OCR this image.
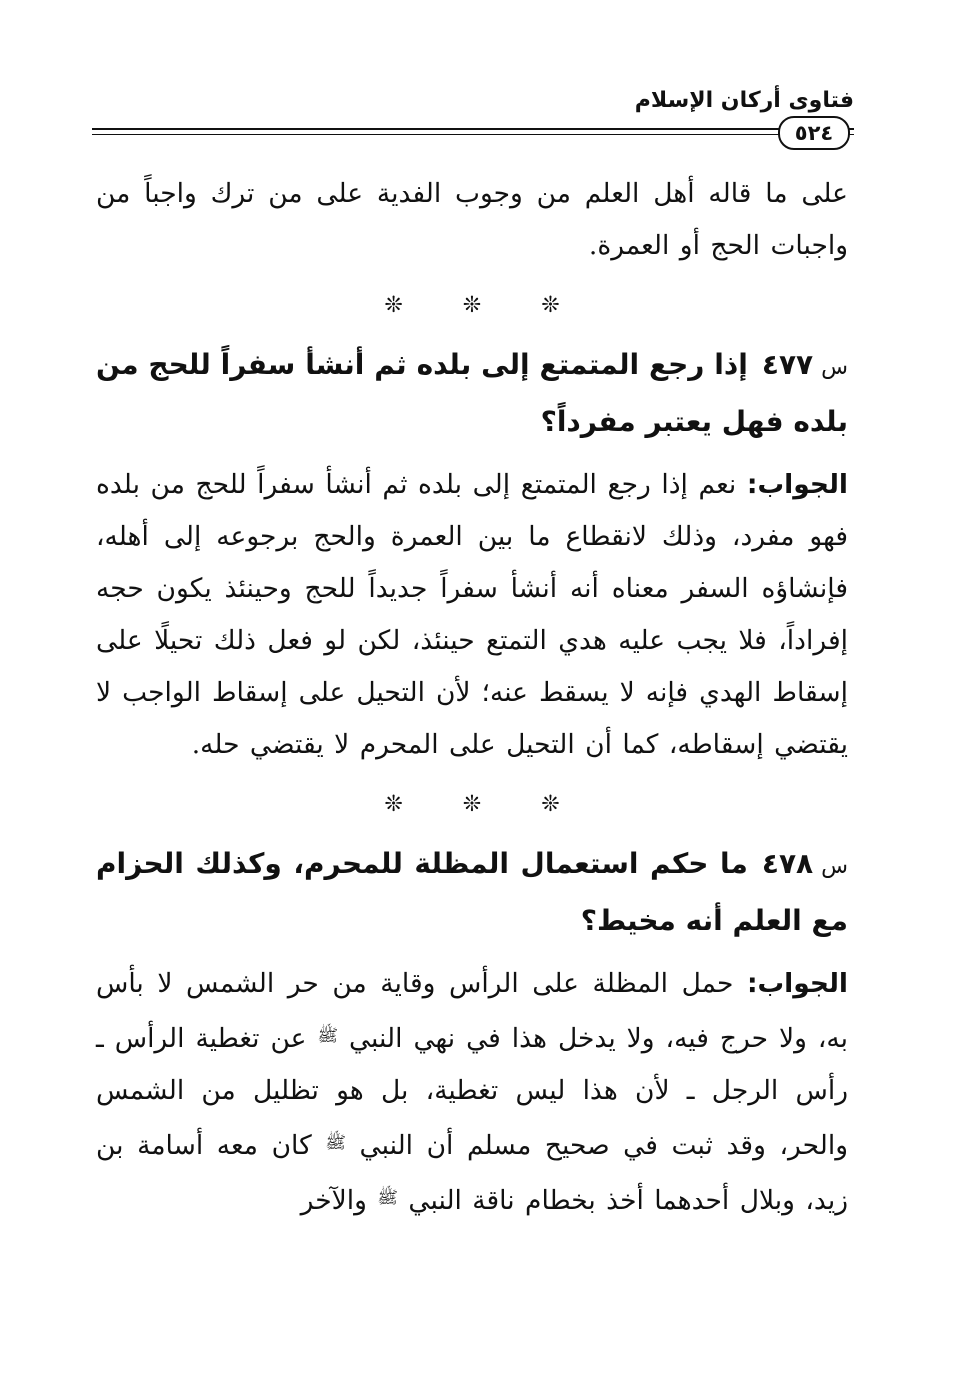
فتاوى أركان الإسلام
٥٢٤

على ما قاله أهل العلم من وجوب الفدية على من ترك واجباً من واجبات الحج أو العمرة.

❊
❊
❊

س٤٧٧إذا رجع المتمتع إلى بلده ثم أنشأ سفراً للحج من بلده فهل يعتبر مفرداً؟

الجواب: نعم إذا رجع المتمتع إلى بلده ثم أنشأ سفراً للحج من بلده فهو مفرد، وذلك لانقطاع ما بين العمرة والحج برجوعه إلى أهله، فإنشاؤه السفر معناه أنه أنشأ سفراً جديداً للحج وحينئذ يكون حجه إفراداً، فلا يجب عليه هدي التمتع حينئذ، لكن لو فعل ذلك تحيلًا على إسقاط الهدي فإنه لا يسقط عنه؛ لأن التحيل على إسقاط الواجب لا يقتضي إسقاطه، كما أن التحيل على المحرم لا يقتضي حله.

❊
❊
❊

س٤٧٨ما حكم استعمال المظلة للمحرم، وكذلك الحزام مع العلم أنه مخيط؟

الجواب: حمل المظلة على الرأس وقاية من حر الشمس لا بأس به، ولا حرج فيه، ولا يدخل هذا في نهي النبي $^ﷺ$ عن تغطية الرأس ـ رأس الرجل ـ لأن هذا ليس تغطية، بل هو تظليل من الشمس والحر، وقد ثبت في صحيح مسلم أن النبي $^ﷺ$ كان معه أسامة بن زيد، وبلال أحدهما أخذ بخطام ناقة النبي $^ﷺ$ والآخر
